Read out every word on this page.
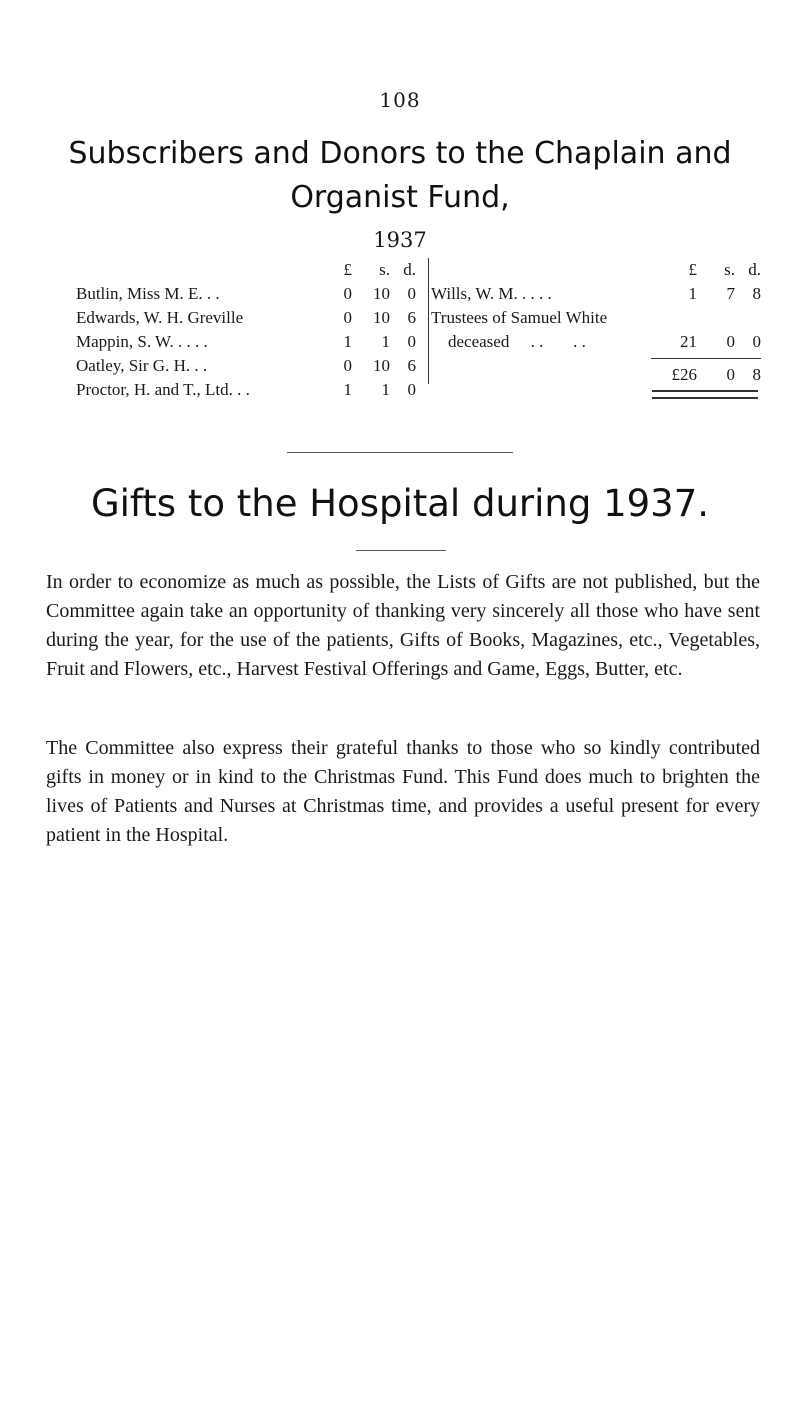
108
Subscribers and Donors to the Chaplain and
Organist Fund,
1937
£	s. d.
Butlin, Miss M. E. . .	0	10	0
Edwards, W. H. Greville	0	10	6
Mappin, S. W. . . . .	1	1	0
Oatley, Sir G. H. . .	0	10	6
Proctor, H. and T., Ltd. . .	1	1	0
£	s. d.
Wills, W. M. . . . .	1	7	8
Trustees of Samuel White
deceased     . .       . .	21	0	0
£26	0	8
Gifts to the Hospital during 1937.
In order to economize as much as possible, the Lists of Gifts are not published, but the Committee again take an opportunity of thanking very sincerely all those who have sent during the year, for the use of the patients, Gifts of Books, Magazines, etc., Vegetables, Fruit and Flowers, etc., Harvest Festival Offerings and Game, Eggs, Butter, etc.
The Committee also express their grateful thanks to those who so kindly contributed gifts in money or in kind to the Christmas Fund. This Fund does much to brighten the lives of Patients and Nurses at Christmas time, and provides a useful present for every patient in the Hospital.
